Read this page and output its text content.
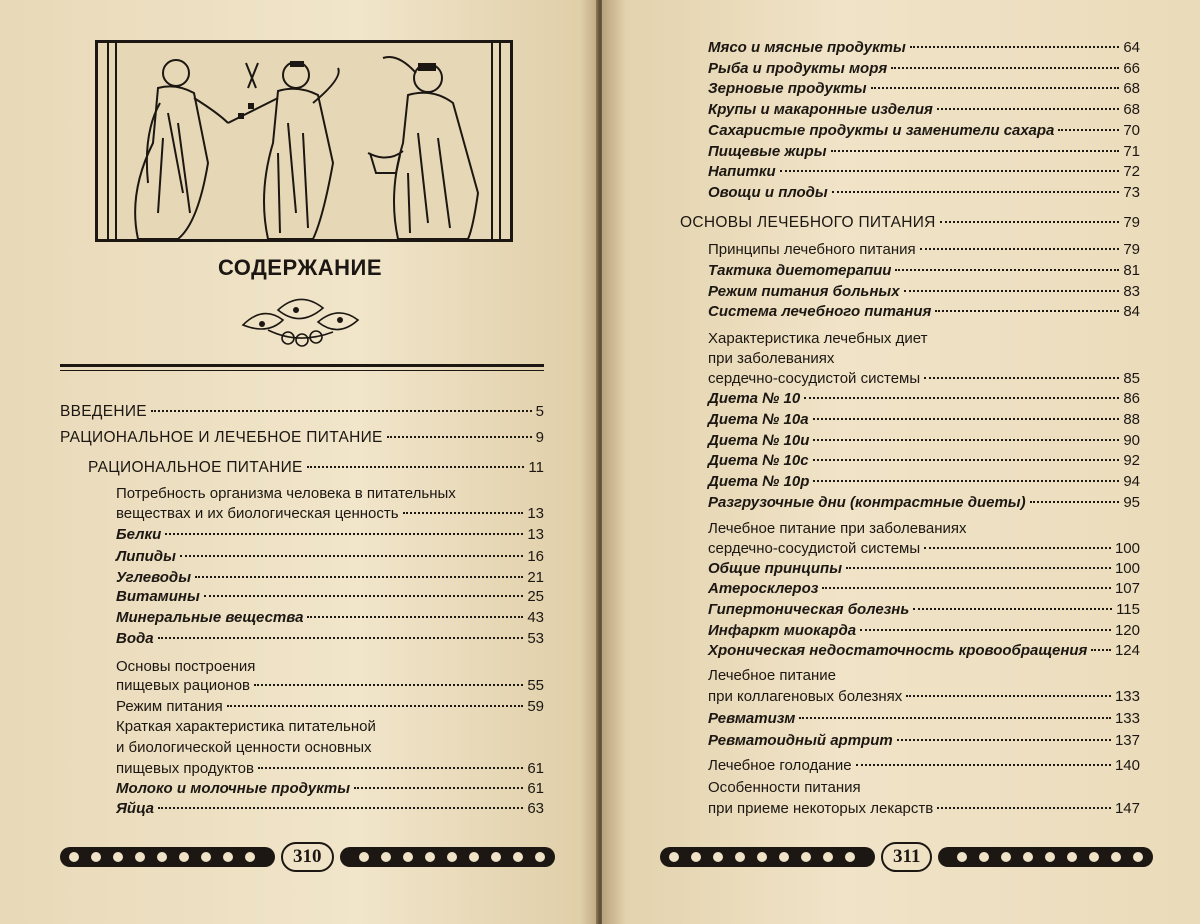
СОДЕРЖАНИЕ
ВВЕДЕНИЕ	5
РАЦИОНАЛЬНОЕ И ЛЕЧЕБНОЕ ПИТАНИЕ	9
РАЦИОНАЛЬНОЕ ПИТАНИЕ	11
Потребность организма человека в питательных
веществах и их биологическая ценность	13
Белки	13
Липиды	16
Углеводы	21
Витамины	25
Минеральные вещества	43
Вода	53
Основы построения
пищевых рационов	55
Режим питания	59
Краткая характеристика питательной
и биологической ценности основных
пищевых продуктов	61
Молоко и молочные продукты	61
Яйца	63
310
Мясо и мясные продукты	64
Рыба и продукты моря	66
Зерновые продукты	68
Крупы и макаронные изделия	68
Сахаристые продукты и заменители сахара	70
Пищевые жиры	71
Напитки	72
Овощи и плоды	73
ОСНОВЫ ЛЕЧЕБНОГО ПИТАНИЯ	79
Принципы лечебного питания	79
Тактика диетотерапии	81
Режим питания больных	83
Система лечебного питания	84
Характеристика лечебных диет
при заболеваниях
сердечно-сосудистой системы	85
Диета № 10	86
Диета № 10а	88
Диета № 10и	90
Диета № 10с	92
Диета № 10р	94
Разгрузочные дни (контрастные диеты)	95
Лечебное питание при заболеваниях
сердечно-сосудистой системы	100
Общие принципы	100
Атеросклероз	107
Гипертоническая болезнь	115
Инфаркт миокарда	120
Хроническая недостаточность кровообращения 124
Лечебное питание
при коллагеновых болезнях	133
Ревматизм	133
Ревматоидный артрит	137
Лечебное голодание	140
Особенности питания
при приеме некоторых лекарств	147
311
